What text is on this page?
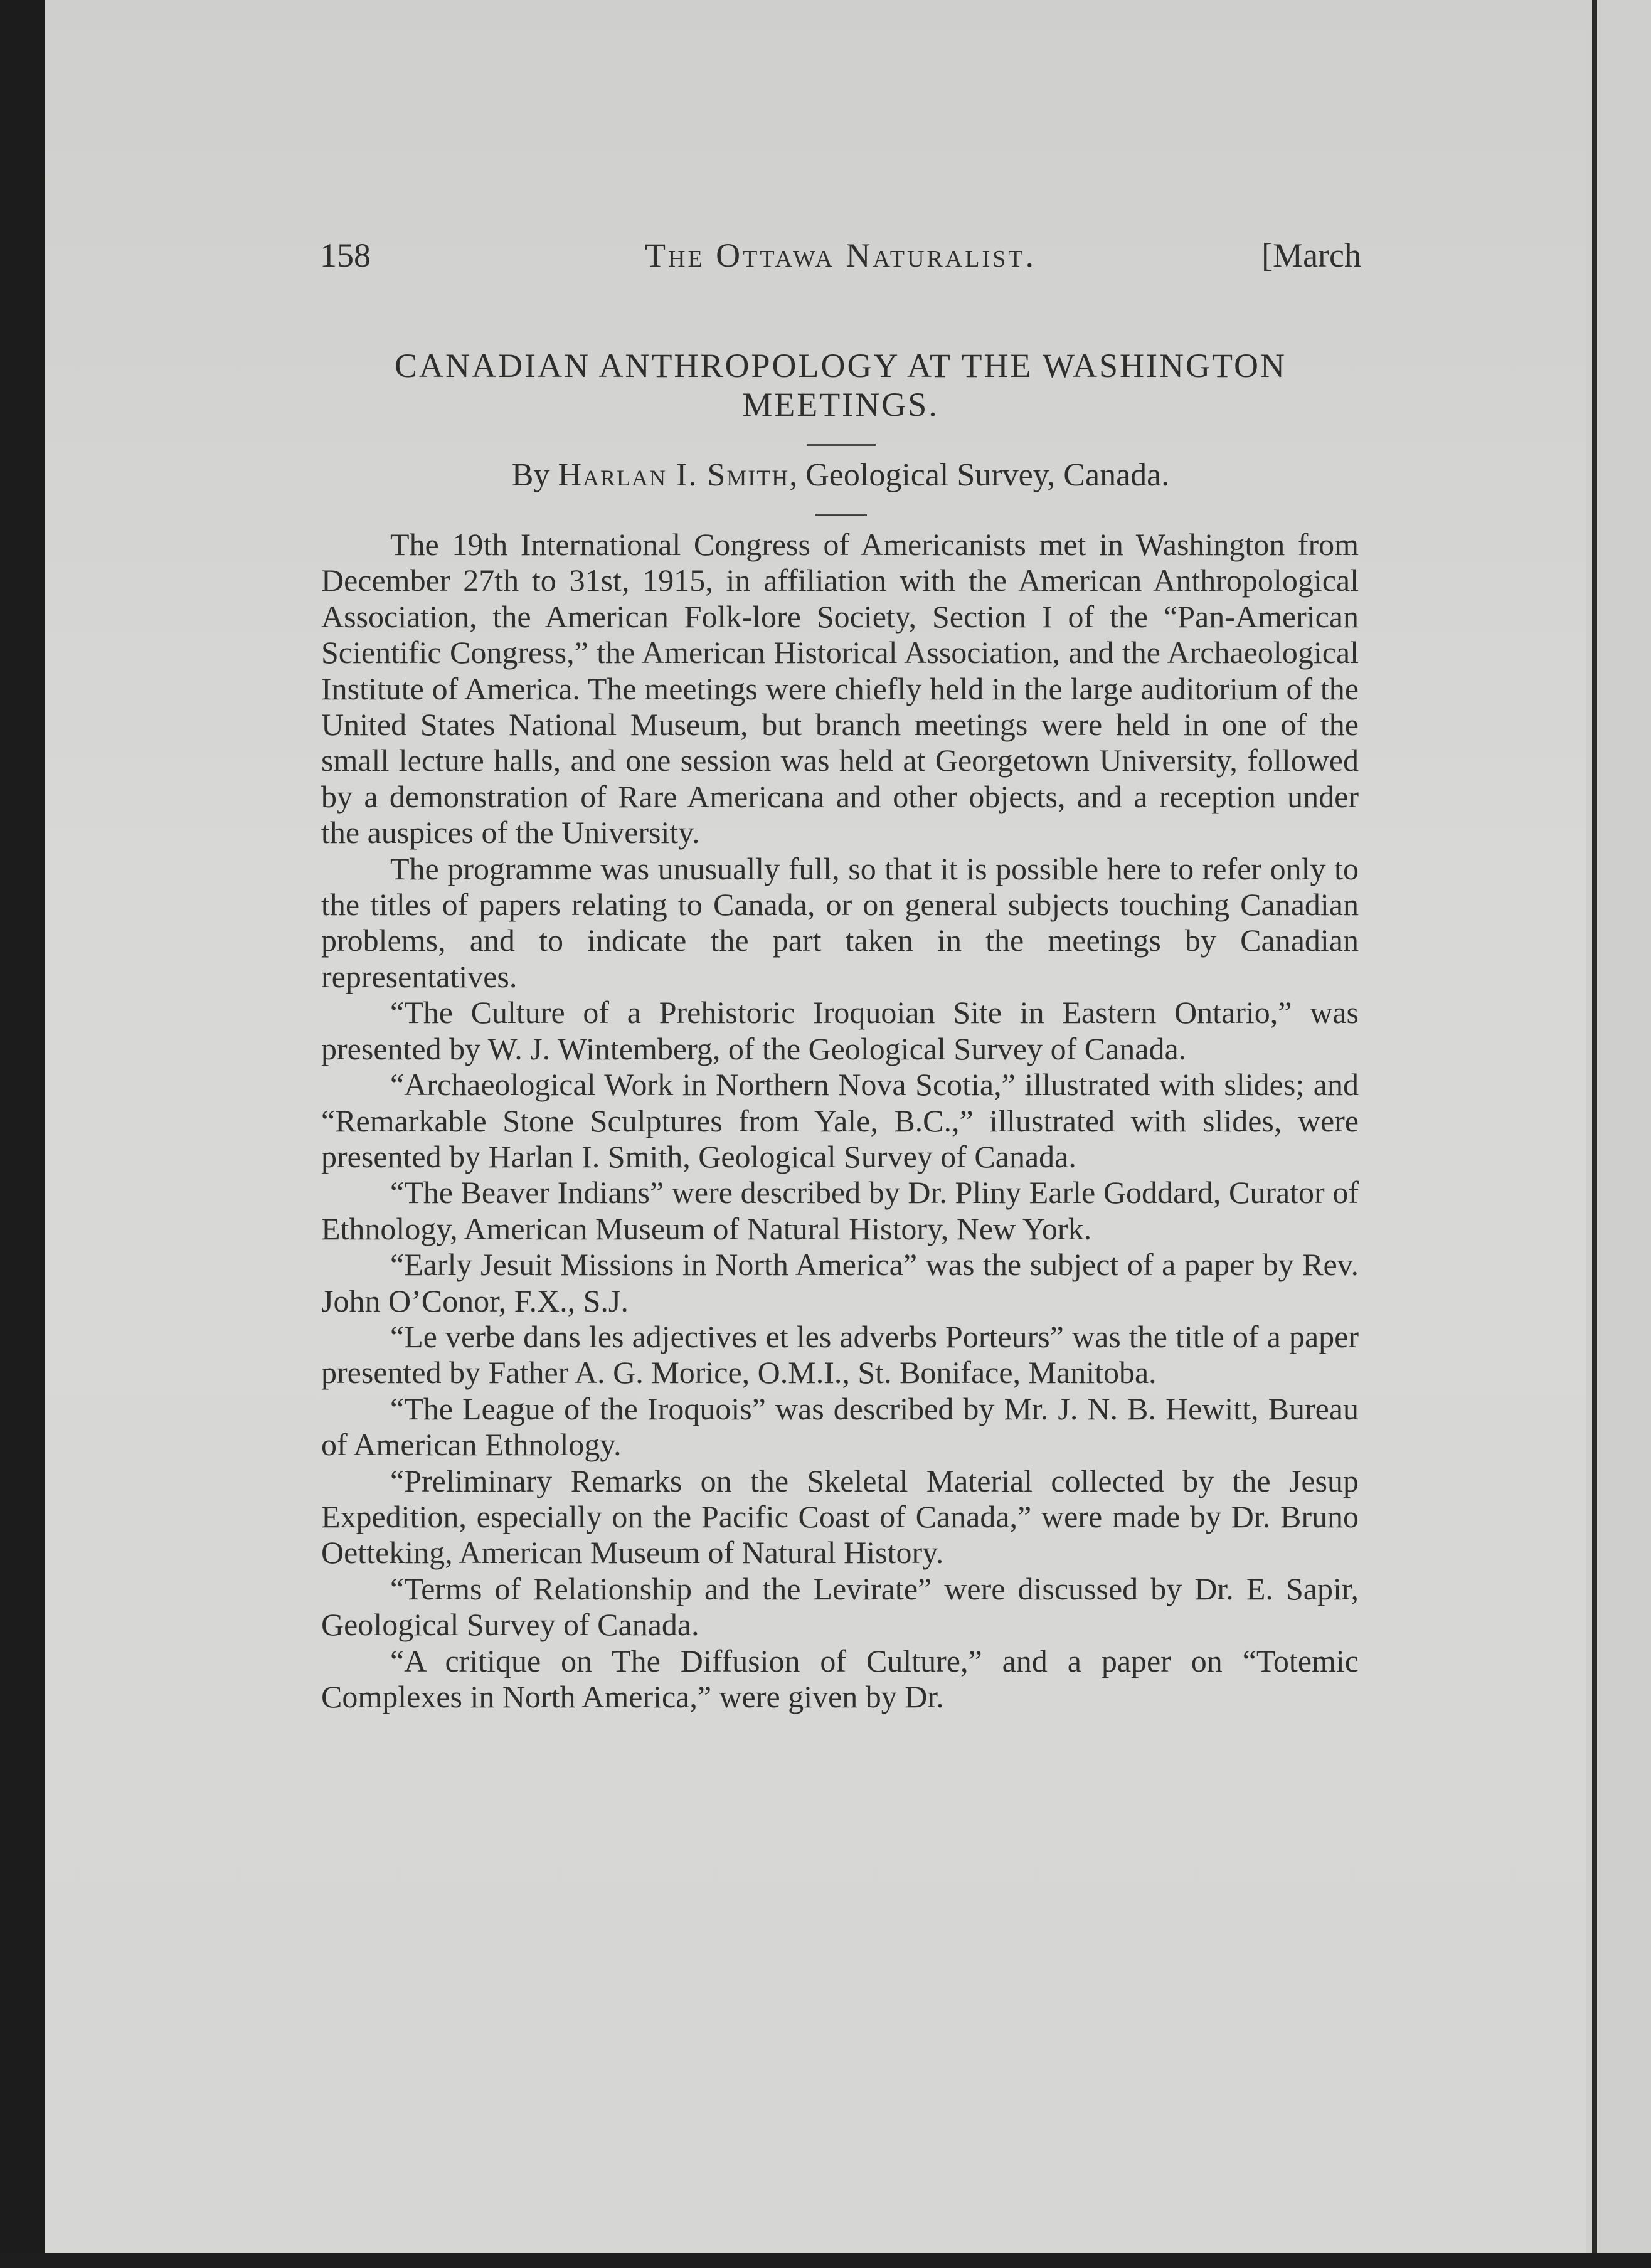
158	The Ottawa Naturalist.	[March
CANADIAN ANTHROPOLOGY AT THE WASHINGTON MEETINGS.
By Harlan I. Smith, Geological Survey, Canada.

The 19th International Congress of Americanists met in Washington from December 27th to 31st, 1915, in affiliation with the American Anthropological Association, the American Folk-lore Society, Section I of the “Pan-American Scientific Congress,” the American Historical Association, and the Archaeological Institute of America. The meetings were chiefly held in the large auditorium of the United States National Museum, but branch meetings were held in one of the small lecture halls, and one session was held at Georgetown University, followed by a demonstration of Rare Americana and other objects, and a reception under the auspices of the University.

The programme was unusually full, so that it is possible here to refer only to the titles of papers relating to Canada, or on general subjects touching Canadian problems, and to indicate the part taken in the meetings by Canadian representatives.

“The Culture of a Prehistoric Iroquoian Site in Eastern Ontario,” was presented by W. J. Wintemberg, of the Geological Survey of Canada.

“Archaeological Work in Northern Nova Scotia,” illustrated with slides; and “Remarkable Stone Sculptures from Yale, B.C.,” illustrated with slides, were presented by Harlan I. Smith, Geological Survey of Canada.

“The Beaver Indians” were described by Dr. Pliny Earle Goddard, Curator of Ethnology, American Museum of Natural History, New York.

“Early Jesuit Missions in North America” was the subject of a paper by Rev. John O’Conor, F.X., S.J.

“Le verbe dans les adjectives et les adverbs Porteurs” was the title of a paper presented by Father A. G. Morice, O.M.I., St. Boniface, Manitoba.

“The League of the Iroquois” was described by Mr. J. N. B. Hewitt, Bureau of American Ethnology.

“Preliminary Remarks on the Skeletal Material collected by the Jesup Expedition, especially on the Pacific Coast of Canada,” were made by Dr. Bruno Oetteking, American Museum of Natural History.

“Terms of Relationship and the Levirate” were discussed by Dr. E. Sapir, Geological Survey of Canada.

“A critique on The Diffusion of Culture,” and a paper on “Totemic Complexes in North America,” were given by Dr.
